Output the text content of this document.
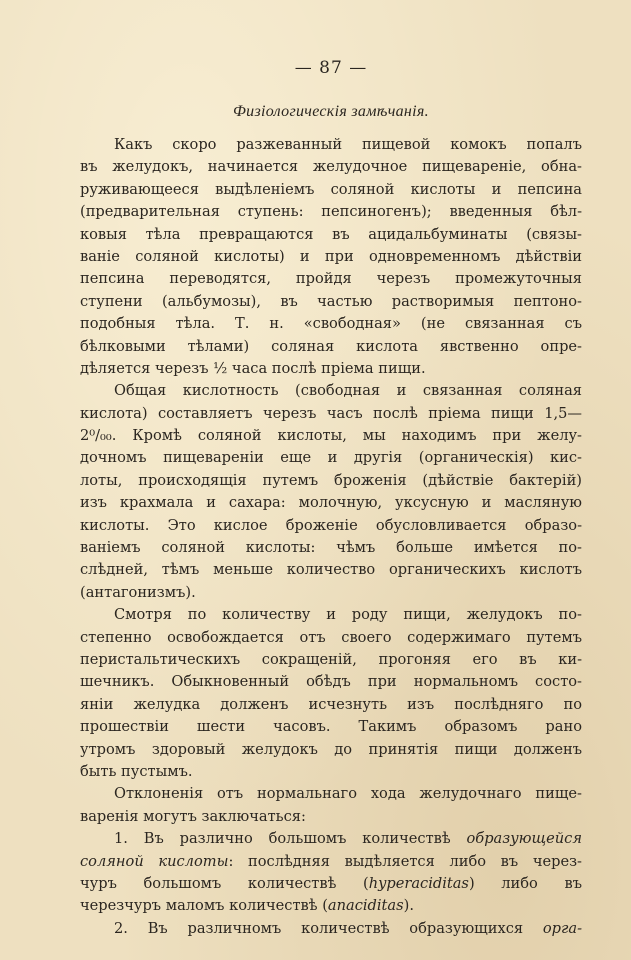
— 87 —
Физіологическія замѣчанія.
Какъ скоро разжеванный пищевой комокъ попалъ
въ желудокъ, начинается желудочное пищевареніе, обна-
руживающееся выдѣленіемъ соляной кислоты и пепсина
(предварительная ступень: пепсиногенъ); введенныя бѣл-
ковыя тѣла превращаются въ ацидальбуминаты (связы-
ваніе соляной кислоты) и при одновременномъ дѣйствіи
пепсина переводятся, пройдя черезъ промежуточныя
ступени (альбумозы), въ частью растворимыя пептоно-
подобныя тѣла. Т. н. «свободная» (не связанная съ
бѣлковыми тѣлами) соляная кислота явственно опре-
дѣляется черезъ ½ часа послѣ пріема пищи.
Общая кислотность (свободная и связанная соляная
кислота) составляетъ черезъ часъ послѣ пріема пищи 1,5—
2⁰/₀₀. Кромѣ соляной кислоты, мы находимъ при желу-
дочномъ пищевареніи еще и другія (органическія) кис-
лоты, происходящія путемъ броженія (дѣйствіе бактерій)
изъ крахмала и сахара: молочную, уксусную и масляную
кислоты. Это кислое броженіе обусловливается образо-
ваніемъ соляной кислоты: чѣмъ больше имѣется по-
слѣдней, тѣмъ меньше количество органическихъ кислотъ
(антагонизмъ).
Смотря по количеству и роду пищи, желудокъ по-
степенно освобождается отъ своего содержимаго путемъ
перистальтическихъ сокращеній, прогоняя его въ ки-
шечникъ. Обыкновенный обѣдъ при нормальномъ состо-
яніи желудка долженъ исчезнуть изъ послѣдняго по
прошествіи шести часовъ. Такимъ образомъ рано
утромъ здоровый желудокъ до принятія пищи долженъ
быть пустымъ.
Отклоненія отъ нормальнаго хода желудочнаго пище-
варенія могутъ заключаться:
1. Въ различно большомъ количествѣ образующейся
соляной кислоты: послѣдняя выдѣляется либо въ через-
чуръ большомъ количествѣ (hyperaciditas) либо въ
черезчуръ маломъ количествѣ (anaciditas).
2. Въ различномъ количествѣ образующихся орга-
